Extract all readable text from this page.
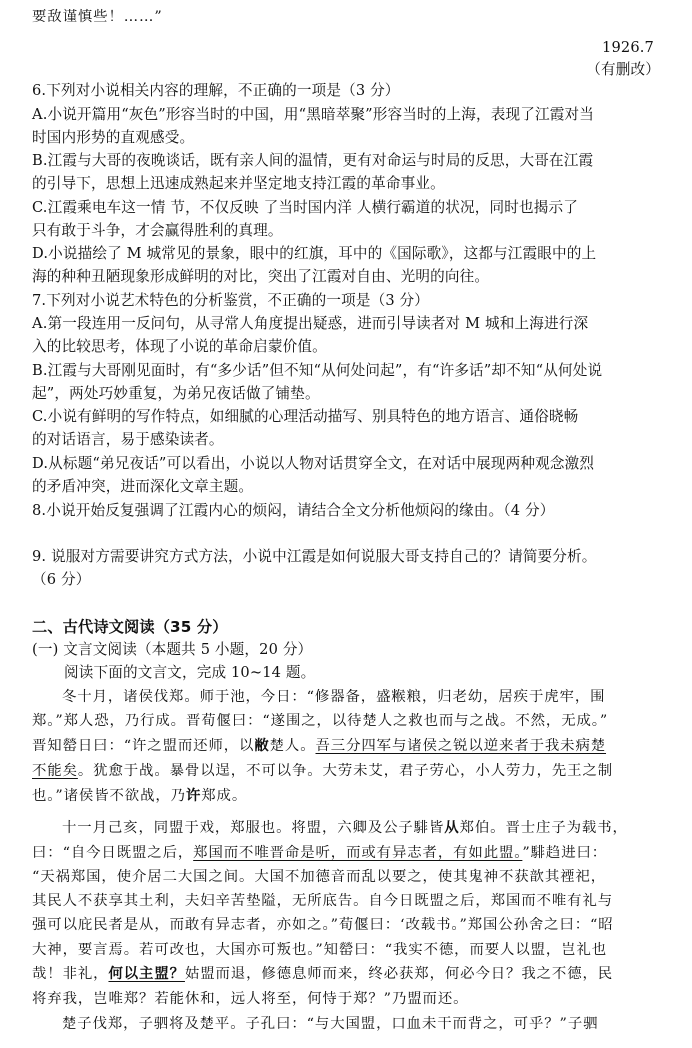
要敌谨慎些！……”
1926.7
（有删改）
6.下列对小说相关内容的理解，不正确的一项是（3 分）
A.小说开篇用“灰色”形容当时的中国，用“黑暗萃聚”形容当时的上海，表现了江霞对当
时国内形势的直观感受。
B.江霞与大哥的夜晚谈话，既有亲人间的温情，更有对命运与时局的反思，大哥在江霞
的引导下，思想上迅速成熟起来并坚定地支持江霞的革命事业。
C.江霞乘电车这一情 节，不仅反映 了当时国内洋 人横行霸道的状况，同时也揭示了
只有敢于斗争，才会赢得胜利的真理。
D.小说描绘了 M 城常见的景象，眼中的红旗，耳中的《国际歌》，这都与江霞眼中的上
海的种种丑陋现象形成鲜明的对比，突出了江霞对自由、光明的向往。
7.下列对小说艺术特色的分析鉴赏，不正确的一项是（3 分）
A.第一段连用一反问句，从寻常人角度提出疑惑，进而引导读者对 M 城和上海进行深
入的比较思考，体现了小说的革命启蒙价值。
B.江霞与大哥刚见面时，有“多少话”但不知“从何处问起”，有“许多话”却不知“从何处说
起”，两处巧妙重复，为弟兄夜话做了铺垫。
C.小说有鲜明的写作特点，如细腻的心理活动描写、别具特色的地方语言、通俗晓畅
的对话语言，易于感染读者。
D.从标题“弟兄夜话”可以看出，小说以人物对话贯穿全文，在对话中展现两种观念激烈
的矛盾冲突，进而深化文章主题。
8.小说开始反复强调了江霞内心的烦闷，请结合全文分析他烦闷的缘由。（4 分）
9. 说服对方需要讲究方式方法，小说中江霞是如何说服大哥支持自己的？请简要分析。
（6 分）
二、古代诗文阅读（35 分）
(一) 文言文阅读（本题共 5 小题，20 分）
阅读下面的文言文，完成 10~14 题。
冬十月，诸侯伐郑。师于池，今日：“修器备，盛糇粮，归老幼，居疾于虎牢，围
郑。”郑人恐，乃行成。晋荀偃曰：“遂围之，以待楚人之救也而与之战。不然，无成。”
晋知罃日曰：“许之盟而还师，以敝楚人。吾三分四军与诸侯之锐以逆来者于我未病楚
不能矣。犹愈于战。暴骨以逞，不可以争。大劳未艾，君子劳心，小人劳力，先王之制
也。”诸侯皆不欲战，乃许郑成。
十一月己亥，同盟于戏，郑服也。将盟，六卿及公子騑皆从郑伯。晋士庄子为载书，
曰：“自今日既盟之后，郑国而不唯晋命是听，而或有异志者，有如此盟。”騑趋进曰：
“天祸郑国，使介居二大国之间。大国不加德音而乱以要之，使其鬼神不获歆其禋祀，
其民人不获享其土利，夫妇辛苦垫隘，无所底告。自今日既盟之后，郑国而不唯有礼与
强可以庇民者是从，而敢有异志者，亦如之。”荀偃曰：‘改载书。”郑国公孙舍之曰：“昭
大神，要言焉。若可改也，大国亦可叛也。”知罃曰：“我实不德，而要人以盟，岂礼也
哉！非礼，何以主盟？姑盟而退，修德息师而来，终必获郑，何必今日？我之不德，民
将弃我，岂唯郑？若能休和，远人将至，何恃于郑？”乃盟而还。
楚子伐郑，子驷将及楚平。子孔曰：“与大国盟，口血未干而背之，可乎？”子驷
